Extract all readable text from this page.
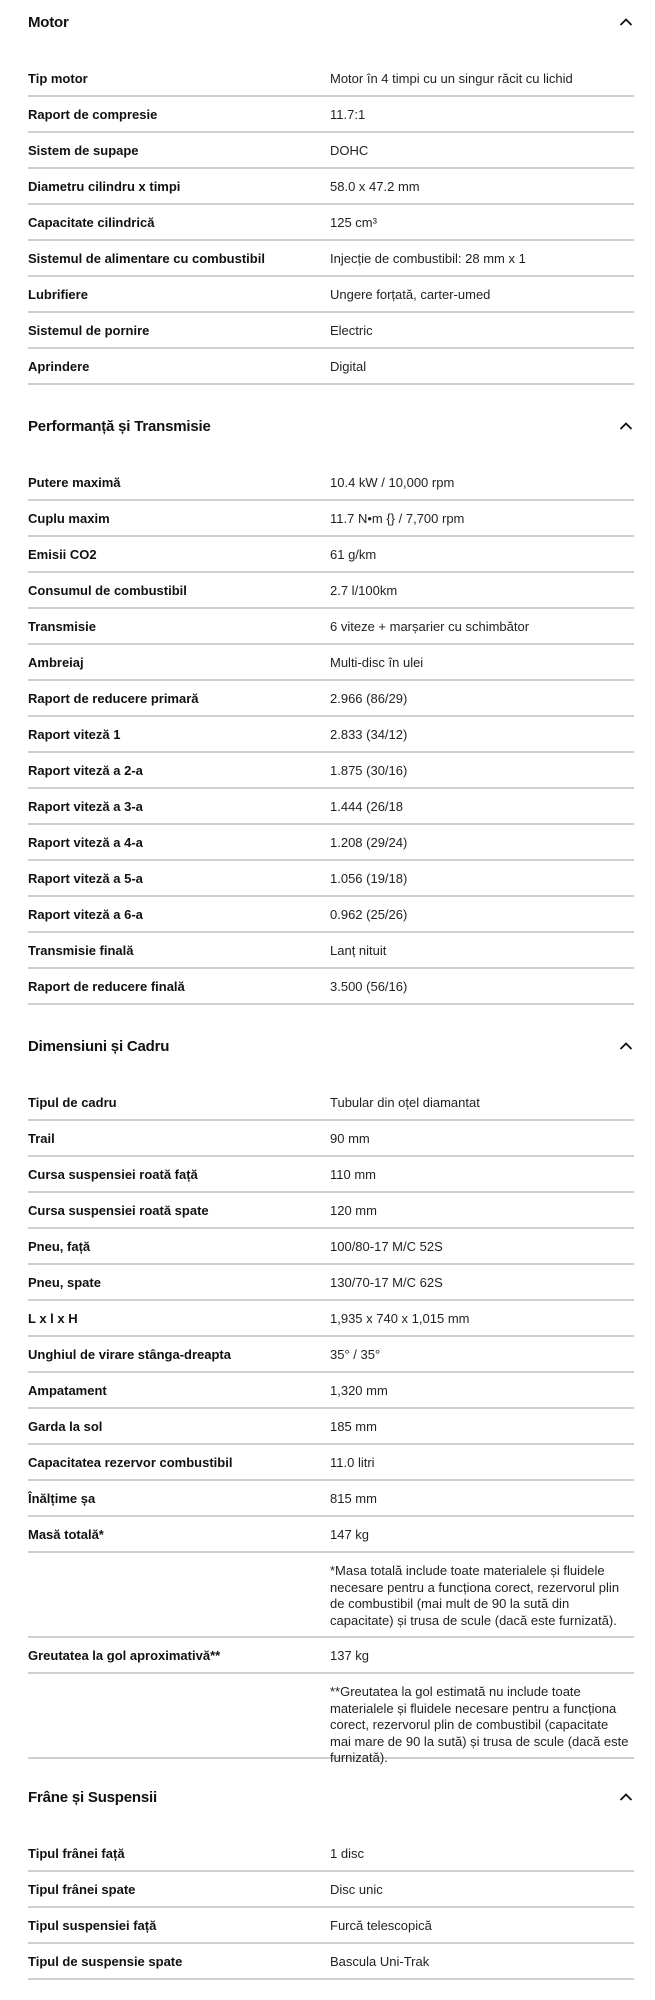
Motor
Tip motor	Motor în 4 timpi cu un singur răcit cu lichid
Raport de compresie	11.7:1
Sistem de supape	DOHC
Diametru cilindru x timpi	58.0 x 47.2 mm
Capacitate cilindrică	125 cm³
Sistemul de alimentare cu combustibil	Injecție de combustibil: 28 mm x 1
Lubrifiere	Ungere forțată, carter-umed
Sistemul de pornire	Electric
Aprindere	Digital
Performanță și Transmisie
Putere maximă	10.4 kW / 10,000 rpm
Cuplu maxim	11.7 N•m {} / 7,700 rpm
Emisii CO2	61 g/km
Consumul de combustibil	2.7 l/100km
Transmisie	6 viteze + marșarier cu schimbător
Ambreiaj	Multi-disc în ulei
Raport de reducere primară	2.966 (86/29)
Raport viteză 1	2.833 (34/12)
Raport viteză a 2-a	1.875 (30/16)
Raport viteză a 3-a	1.444 (26/18
Raport viteză a 4-a	1.208 (29/24)
Raport viteză a 5-a	1.056 (19/18)
Raport viteză a 6-a	0.962 (25/26)
Transmisie finală	Lanț nituit
Raport de reducere finală	3.500 (56/16)
Dimensiuni și Cadru
Tipul de cadru	Tubular din oțel diamantat
Trail	90 mm
Cursa suspensiei roată față	110 mm
Cursa suspensiei roată spate	120 mm
Pneu, față	100/80-17 M/C 52S
Pneu, spate	130/70-17 M/C 62S
L x l x H	1,935 x 740 x 1,015 mm
Unghiul de virare stânga-dreapta	35° / 35°
Ampatament	1,320 mm
Garda la sol	185 mm
Capacitatea rezervor combustibil	11.0 litri
Înălțime șa	815 mm
Masă totală*	147 kg
*Masa totală include toate materialele și fluidele necesare pentru a funcționa corect, rezervorul plin de combustibil (mai mult de 90 la sută din capacitate) și trusa de scule (dacă este furnizată).
Greutatea la gol aproximativă**	137 kg
**Greutatea la gol estimată nu include toate materialele și fluidele necesare pentru a funcționa corect, rezervorul plin de combustibil (capacitate mai mare de 90 la sută) și trusa de scule (dacă este furnizată).
Frâne și Suspensii
Tipul frânei față	1 disc
Tipul frânei spate	Disc unic
Tipul suspensiei față	Furcă telescopică
Tipul de suspensie spate	Bascula Uni-Trak
